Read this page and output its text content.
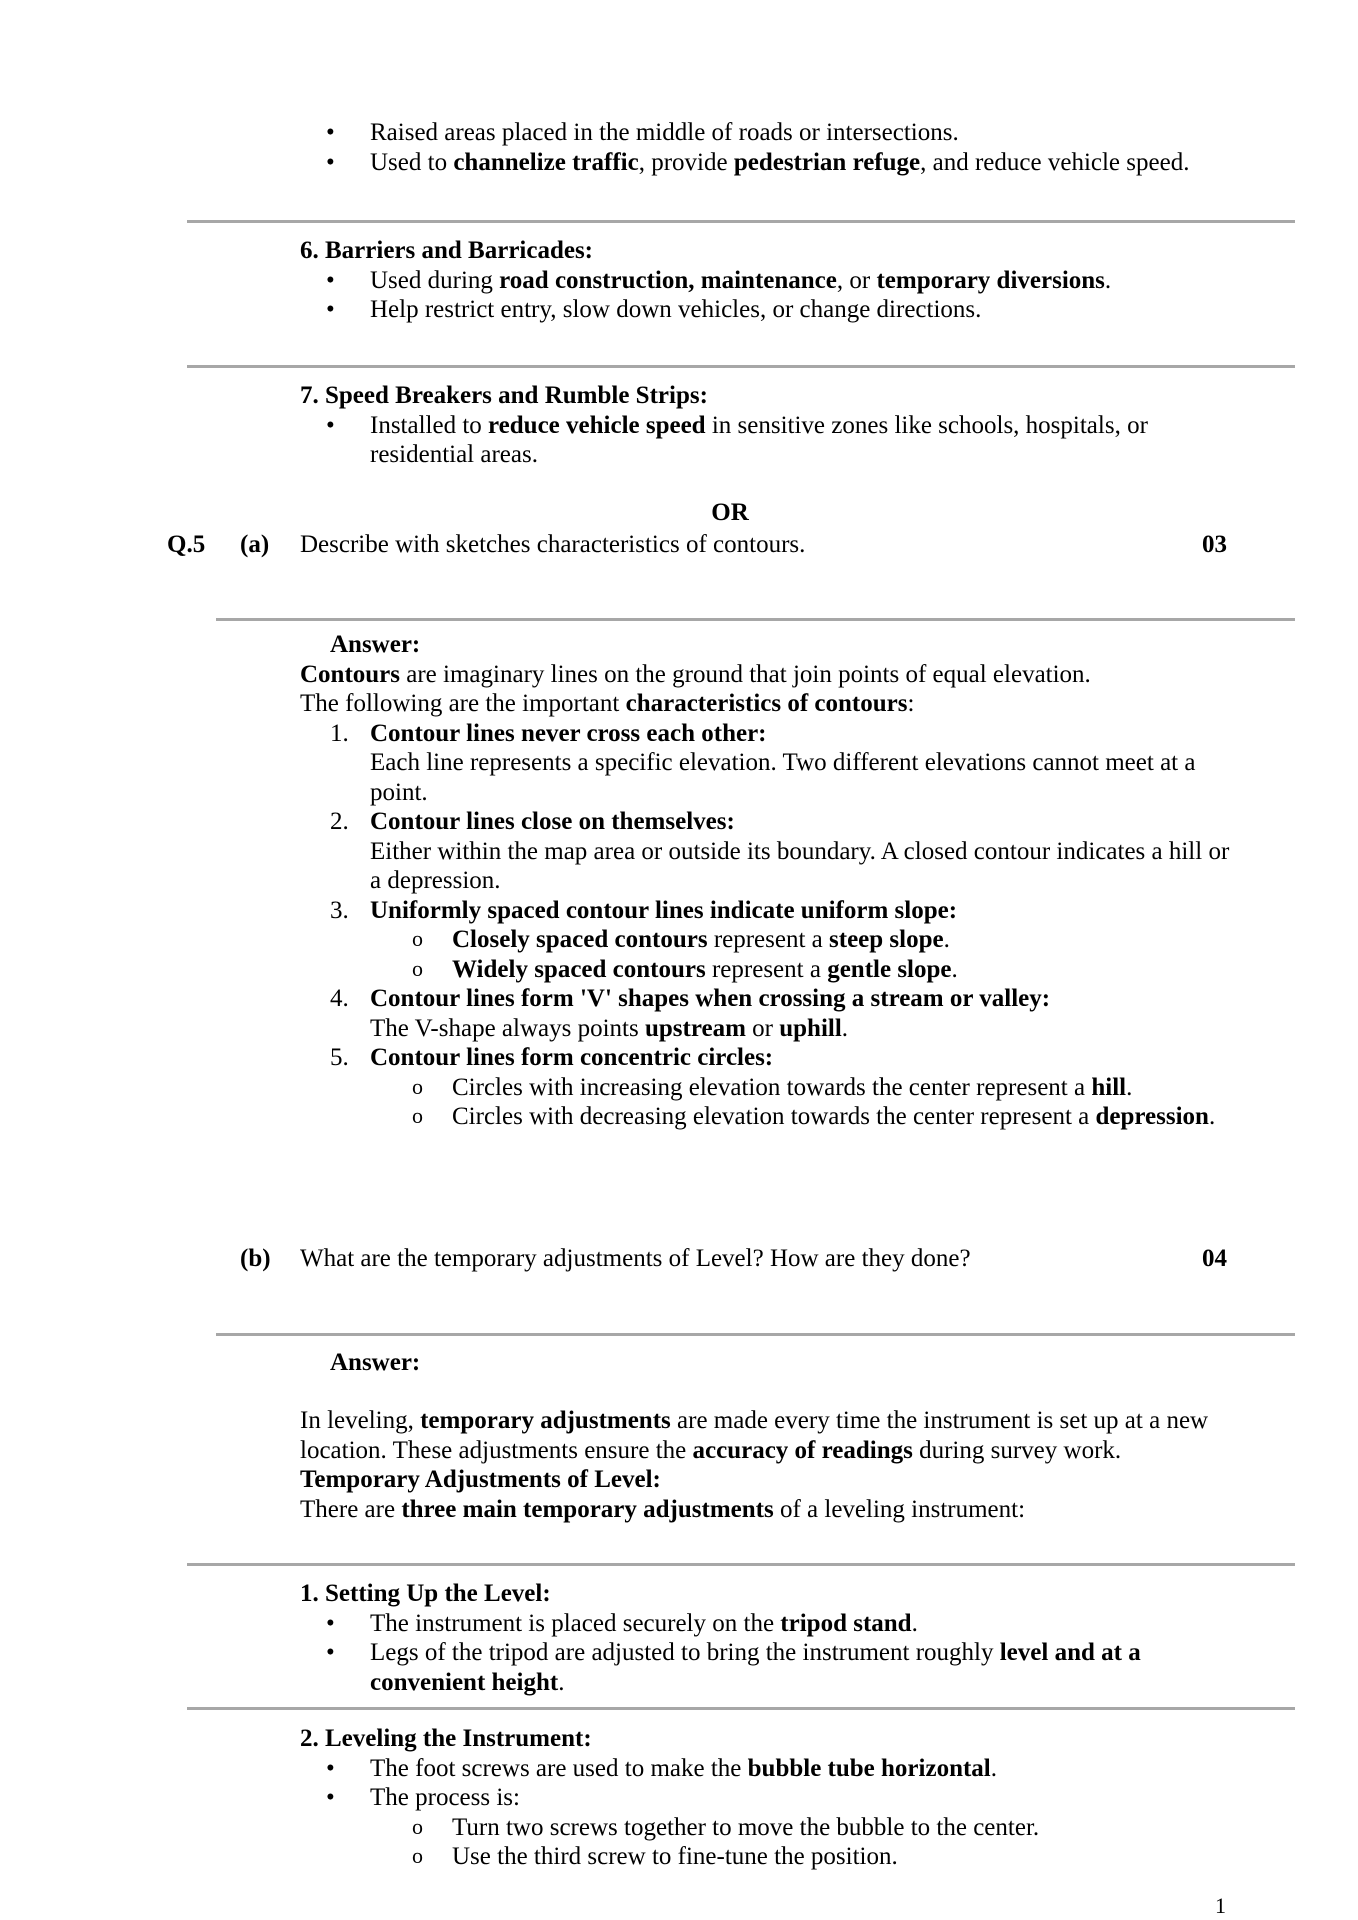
• Raised areas placed in the middle of roads or intersections.
• Used to channelize traffic, provide pedestrian refuge, and reduce vehicle speed.
6. Barriers and Barricades:
• Used during road construction, maintenance, or temporary diversions.
• Help restrict entry, slow down vehicles, or change directions.
7. Speed Breakers and Rumble Strips:
• Installed to reduce vehicle speed in sensitive zones like schools, hospitals, or residential areas.
OR
Q.5 (a) Describe with sketches characteristics of contours.	03
Answer:
Contours are imaginary lines on the ground that join points of equal elevation.
The following are the important characteristics of contours:
1. Contour lines never cross each other:
Each line represents a specific elevation. Two different elevations cannot meet at a point.
2. Contour lines close on themselves:
Either within the map area or outside its boundary. A closed contour indicates a hill or a depression.
3. Uniformly spaced contour lines indicate uniform slope:
o Closely spaced contours represent a steep slope.
o Widely spaced contours represent a gentle slope.
4. Contour lines form 'V' shapes when crossing a stream or valley:
The V-shape always points upstream or uphill.
5. Contour lines form concentric circles:
o Circles with increasing elevation towards the center represent a hill.
o Circles with decreasing elevation towards the center represent a depression.
(b) What are the temporary adjustments of Level? How are they done?	04
Answer:
In leveling, temporary adjustments are made every time the instrument is set up at a new location. These adjustments ensure the accuracy of readings during survey work.
Temporary Adjustments of Level:
There are three main temporary adjustments of a leveling instrument:
1. Setting Up the Level:
• The instrument is placed securely on the tripod stand.
• Legs of the tripod are adjusted to bring the instrument roughly level and at a convenient height.
2. Leveling the Instrument:
• The foot screws are used to make the bubble tube horizontal.
• The process is:
o Turn two screws together to move the bubble to the center.
o Use the third screw to fine-tune the position.
1
